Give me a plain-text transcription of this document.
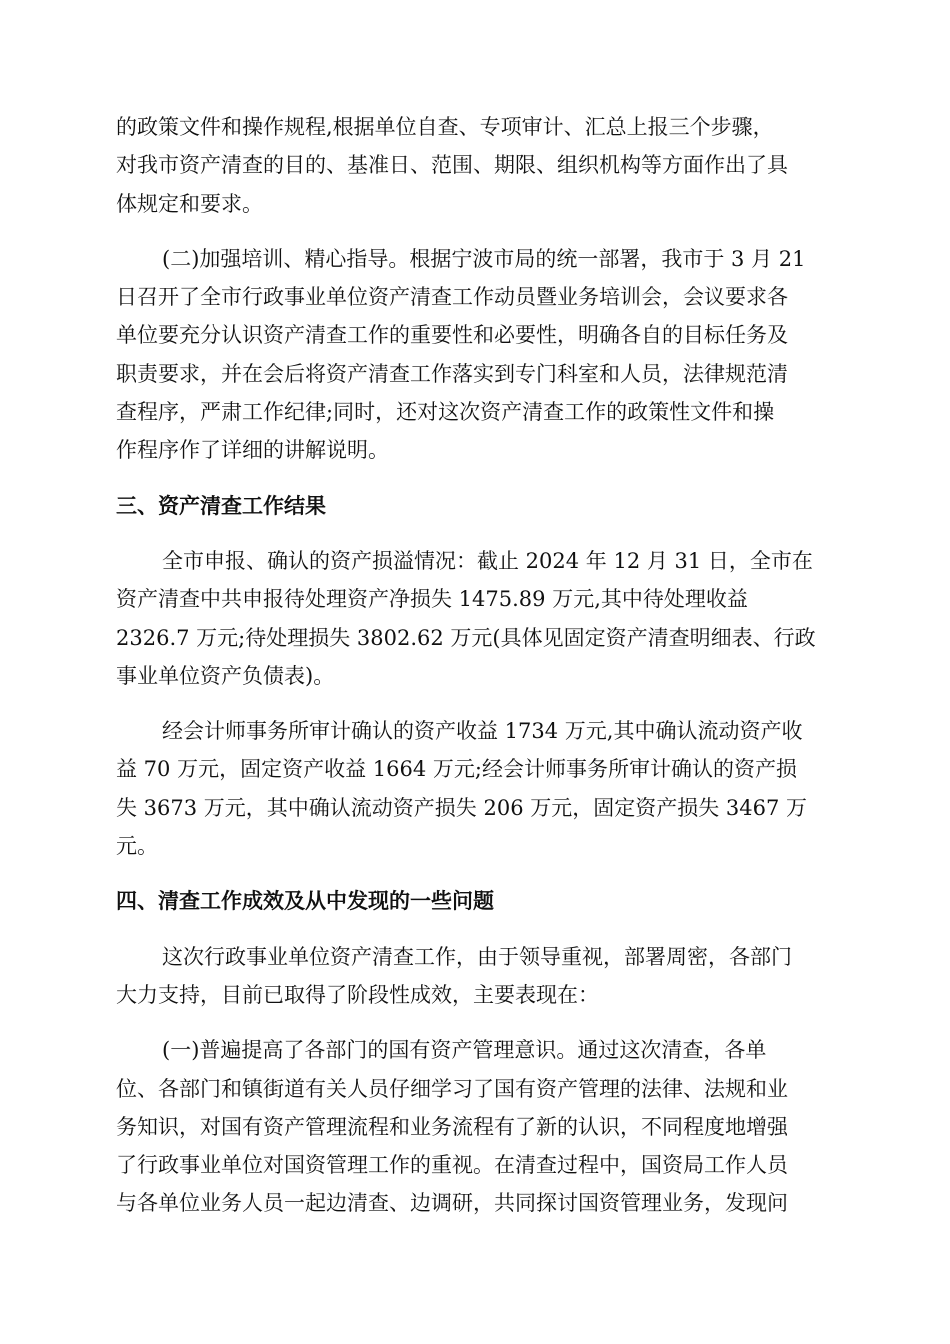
的政策文件和操作规程,根据单位自查、专项审计、汇总上报三个步骤，
对我市资产清查的目的、基准日、范围、期限、组织机构等方面作出了具
体规定和要求。
(二)加强培训、精心指导。根据宁波市局的统一部署，我市于 3 月 21
日召开了全市行政事业单位资产清查工作动员暨业务培训会，会议要求各
单位要充分认识资产清查工作的重要性和必要性，明确各自的目标任务及
职责要求，并在会后将资产清查工作落实到专门科室和人员，法律规范清
查程序，严肃工作纪律;同时，还对这次资产清查工作的政策性文件和操
作程序作了详细的讲解说明。
三、资产清查工作结果
全市申报、确认的资产损溢情况：截止 2024 年 12 月 31 日，全市在
资产清查中共申报待处理资产净损失 1475.89 万元,其中待处理收益
2326.7 万元;待处理损失 3802.62 万元(具体见固定资产清查明细表、行政
事业单位资产负债表)。
经会计师事务所审计确认的资产收益 1734 万元,其中确认流动资产收
益 70 万元，固定资产收益 1664 万元;经会计师事务所审计确认的资产损
失 3673 万元，其中确认流动资产损失 206 万元，固定资产损失 3467 万
元。
四、清查工作成效及从中发现的一些问题
这次行政事业单位资产清查工作，由于领导重视，部署周密，各部门
大力支持，目前已取得了阶段性成效，主要表现在：
(一)普遍提高了各部门的国有资产管理意识。通过这次清查，各单
位、各部门和镇街道有关人员仔细学习了国有资产管理的法律、法规和业
务知识，对国有资产管理流程和业务流程有了新的认识，不同程度地增强
了行政事业单位对国资管理工作的重视。在清查过程中，国资局工作人员
与各单位业务人员一起边清查、边调研，共同探讨国资管理业务，发现问
